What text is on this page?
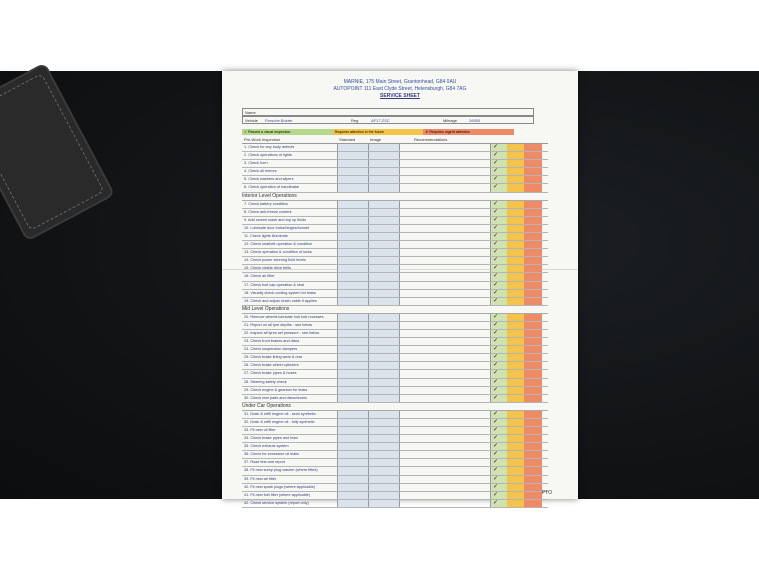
MARNIE, 175 Main Street, Grantonhead, G84 0AU
AUTOPOINT 111 East Clyde Street, Helensburgh, G84 7AG
SERVICE SHEET
Name
Vehicle Porsche Boxter	Reg	AF17 ZSC	Mileage	26655
✓ Passed a visual inspection	Requires attention in the future	✗ Requires urgent attention
Pre-Work Inspection	Standard	Image	Recommendations
1. Check for any body defects	✓
2. Check operations of lights	✓
3. Check horn	✓
4. Check all mirrors	✓
5. Check washers and wipers	✓
6. Check operation of handbrake	✓
Interior Level Operations
7. Check battery condition	✓
8. Check anti-freeze content	✓
9. Add screen wash and top up fluids	✓
10. Lubricate door locks/hinges/bonnet	✓
11. Check lights illuminate	✓
12. Check seatbelt operation & condition	✓
13. Check operation & condition of locks	✓
14. Check power steering fluid levels	✓
15. Check visible drive belts	✓
16. Check air filter	✓
17. Check fuel cap operation & seal	✓
18. Visually check cooling system for leaks	✓
19. Check and adjust clutch cable if applies	✓
Mid Level Operations
20. Remove wheels lubricate hub bolt recesses	✓
21. Report on all tyre depths - see below	✓
22. Inspect all tyres set pressure - see below	✓
23. Check front brakes and discs	✓
24. Check suspension dampers	✓
25. Check brake lining wear & rear	✓
26. Check brake wheel cylinders	✓
27. Check brake pipes & hoses	✓
28. Steering safety check	✓
29. Check engine & gearbox for leaks	✓
30. Check rear pads and discs/drums	✓
Under Car Operations
31. Drain & refill engine oil - semi synthetic	✓
32. Drain & refill engine oil - fully synthetic	✓
33. Fit new oil filter	✓
34. Check brake pipes and lines	✓
35. Check exhaust system	✓
36. Check for excessive oil leaks	✓
37. Road test and report	✓
38. Fit new sump plug washer (where fitted)	✓
39. Fit new air filter	✓
40. Fit new spark plugs (where applicable)	✓
41. Fit new fuel filter (where applicable)	✓
42. Check service system (report only)	✓
PTO
